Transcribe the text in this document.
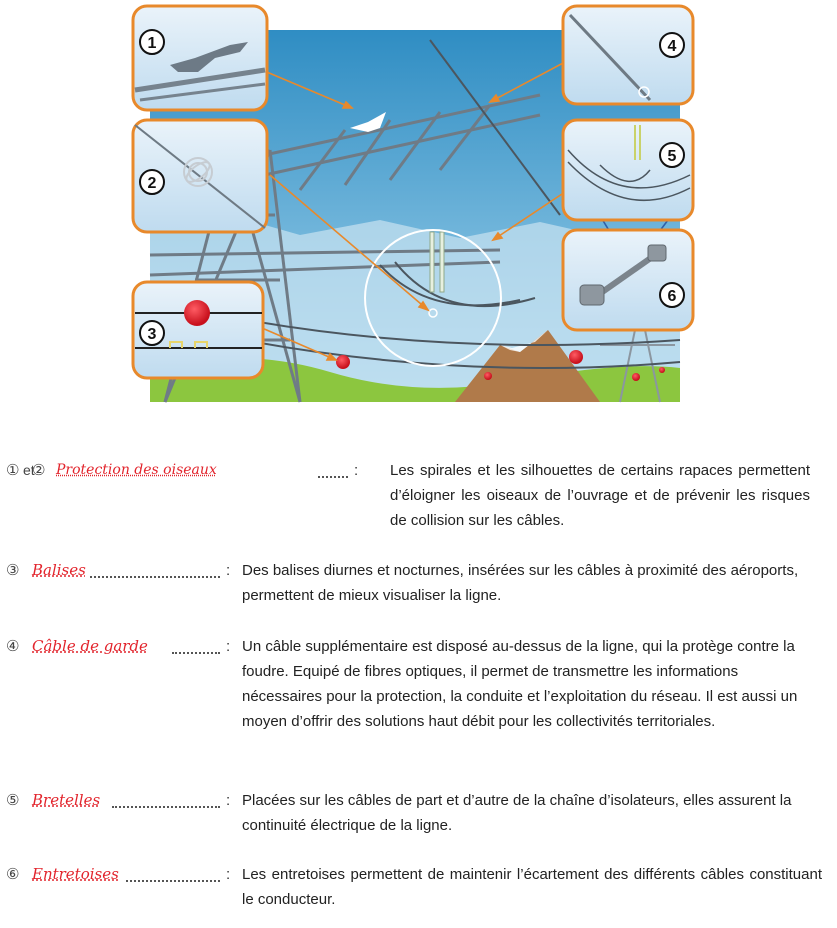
1
2
3
4
5
6
① et
② Protection des oiseaux	: Les spirales et les silhouettes de certains rapaces permettent d’éloigner les oiseaux de l’ouvrage et de prévenir les risques de collision sur les câbles.
③ Balises	: Des balises diurnes et nocturnes, insérées sur les câbles à proximité des aéroports, permettent de mieux visualiser la ligne.
④ Câble de garde	: Un câble supplémentaire est disposé au-dessus de la ligne, qui la protège contre la foudre. Equipé de fibres optiques, il permet de transmettre les informations nécessaires pour la protection, la conduite et l’exploitation du réseau. Il est aussi un moyen d’offrir des solutions haut débit pour les collectivités territoriales.
⑤ Bretelles	: Placées sur les câbles de part et d’autre de la chaîne d’isolateurs, elles assurent la continuité électrique de la ligne.
⑥ Entretoises	: Les entretoises permettent de maintenir l’écartement des différents câbles constituant le conducteur.
